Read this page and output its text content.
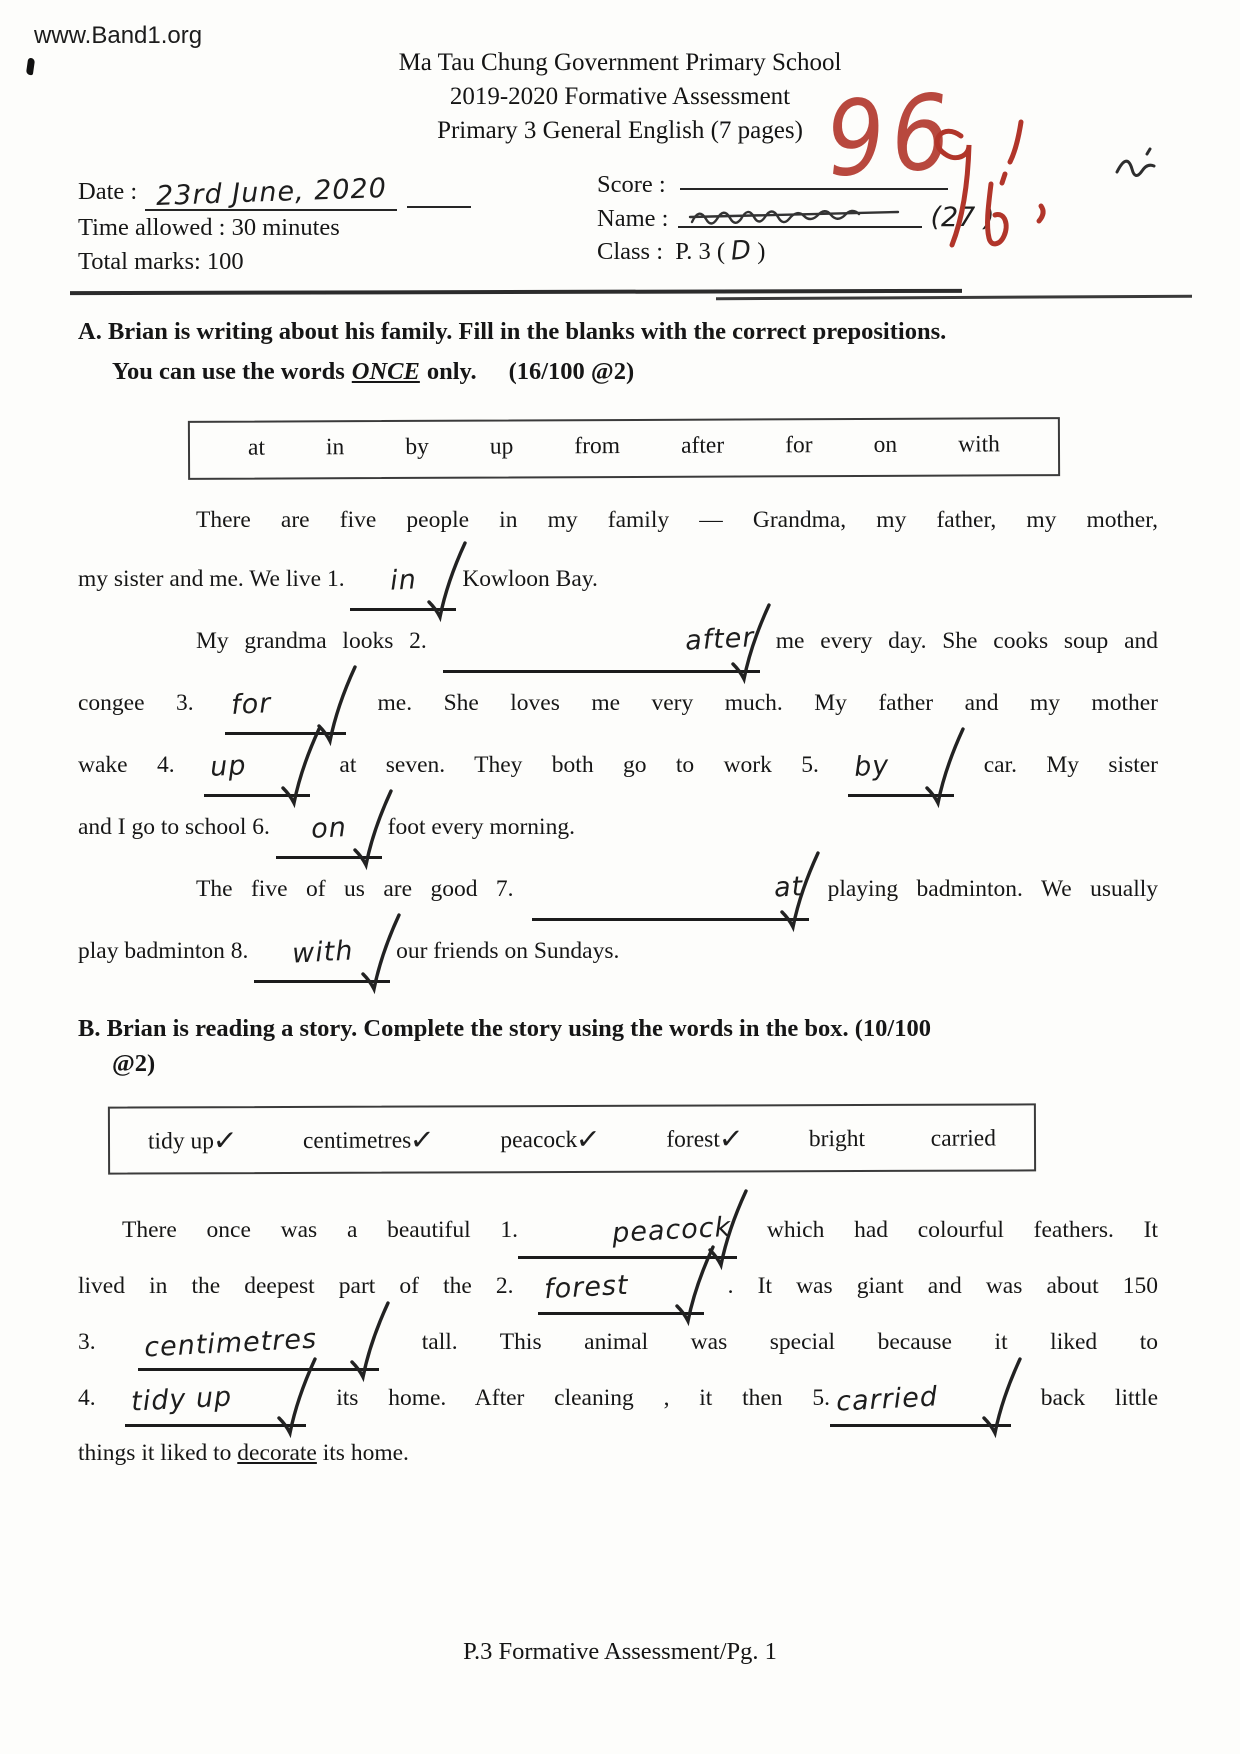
www.Band1.org
Ma Tau Chung Government Primary School
2019-2020 Formative Assessment
Primary 3 General English (7 pages)
Date : 23rd June, 2020
Time allowed : 30 minutes
Total marks: 100
Score : 96
Name :	(27 )
Class : P. 3 ( D )
A. Brian is writing about his family. Fill in the blanks with the correct prepositions.
You can use the words ONCE only. (16/100 @2)
at	in	by	up	from	after	for	on	with
There are five people in my family — Grandma, my father, my mother,
my sister and me. We live 1. in
Kowloon Bay.
My grandma looks 2.	after
me every day. She cooks soup and
congee 3. for	me. She loves me very much. My father and my mother
wake 4. up	at seven. They both go to work 5. by	car. My sister
and I go to school 6. on
foot every morning.
The five of us are good 7.	at
playing badminton. We usually
play badminton 8. with
our friends on Sundays.
B. Brian is reading a story. Complete the story using the words in the box. (10/100
@2)
tidy up✓	centimetres✓	peacock✓	forest✓	bright	carried
There once was a beautiful 1.	peacock
which had colourful feathers. It
lived in the deepest part of the 2. forest	. It was giant and was about 150
3. centimetres	tall. This animal was special because it liked to
4. tidy up	its home. After cleaning , it then 5. carried	back little
things it liked to decorate its home.
P.3 Formative Assessment/Pg. 1
